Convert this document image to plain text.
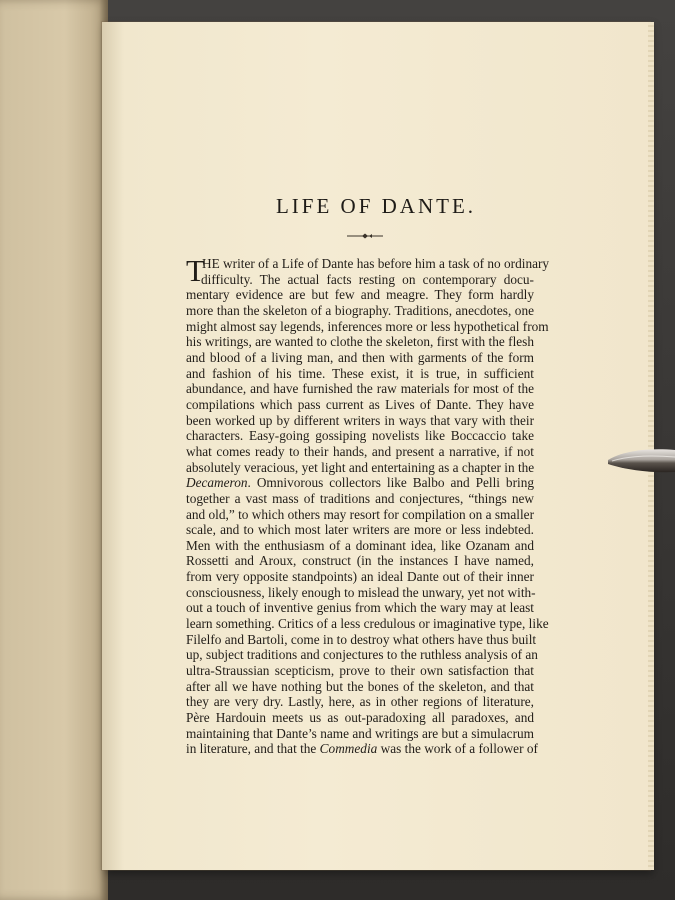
LIFE OF DANTE.
T
HE writer of a Life of Dante has before him a task of no ordinary
difficulty. The actual facts resting on contemporary docu-
mentary evidence are but few and meagre. They form hardly
more than the skeleton of a biography. Traditions, anecdotes, one
might almost say legends, inferences more or less hypothetical from
his writings, are wanted to clothe the skeleton, first with the flesh
and blood of a living man, and then with garments of the form
and fashion of his time. These exist, it is true, in sufficient
abundance, and have furnished the raw materials for most of the
compilations which pass current as Lives of Dante. They have
been worked up by different writers in ways that vary with their
characters. Easy-going gossiping novelists like Boccaccio take
what comes ready to their hands, and present a narrative, if not
absolutely veracious, yet light and entertaining as a chapter in the
Decameron. Omnivorous collectors like Balbo and Pelli bring
together a vast mass of traditions and conjectures, “things new
and old,” to which others may resort for compilation on a smaller
scale, and to which most later writers are more or less indebted.
Men with the enthusiasm of a dominant idea, like Ozanam and
Rossetti and Aroux, construct (in the instances I have named,
from very opposite standpoints) an ideal Dante out of their inner
consciousness, likely enough to mislead the unwary, yet not with-
out a touch of inventive genius from which the wary may at least
learn something. Critics of a less credulous or imaginative type, like
Filelfo and Bartoli, come in to destroy what others have thus built
up, subject traditions and conjectures to the ruthless analysis of an
ultra-Straussian scepticism, prove to their own satisfaction that
after all we have nothing but the bones of the skeleton, and that
they are very dry. Lastly, here, as in other regions of literature,
Père Hardouin meets us as out-paradoxing all paradoxes, and
maintaining that Dante’s name and writings are but a simulacrum
in literature, and that the Commedia was the work of a follower of
